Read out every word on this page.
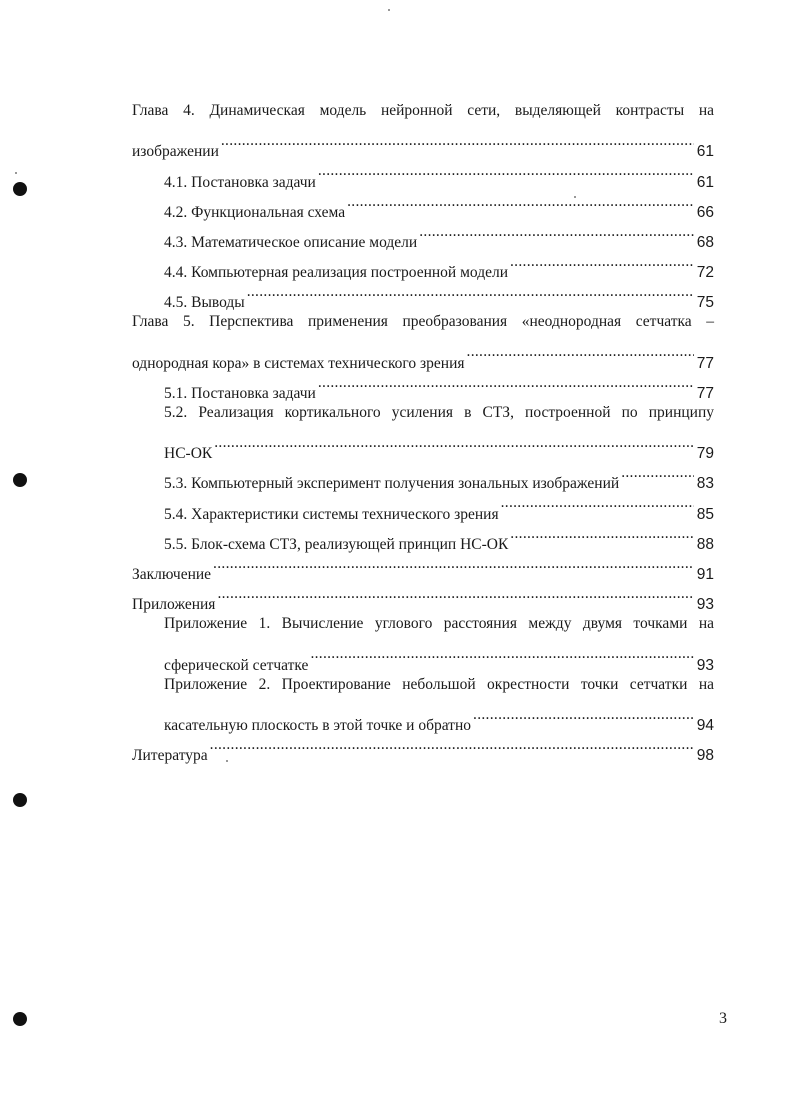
Глава 4. Динамическая модель нейронной сети, выделяющей контрасты на
изображении .....	61
4.1. Постановка задачи .....	61
4.2. Функциональная схема .....	66
4.3. Математическое описание модели .....	68
4.4. Компьютерная реализация построенной модели .....	72
4.5. Выводы .....	75
Глава 5. Перспектива применения преобразования «неоднородная сетчатка –
однородная кора» в системах технического зрения .....	77
5.1. Постановка задачи .....	77
5.2. Реализация кортикального усиления в СТЗ, построенной по принципу
НС-ОК .....	79
5.3. Компьютерный эксперимент получения зональных изображений .....	83
5.4. Характеристики системы технического зрения .....	85
5.5. Блок-схема СТЗ, реализующей принцип НС-ОК .....	88
Заключение .....	91
Приложения .....	93
Приложение 1. Вычисление углового расстояния между двумя точками на
сферической сетчатке .....	93
Приложение 2. Проектирование небольшой окрестности точки сетчатки на
касательную плоскость в этой точке и обратно .....	94
Литература .....	98
3
